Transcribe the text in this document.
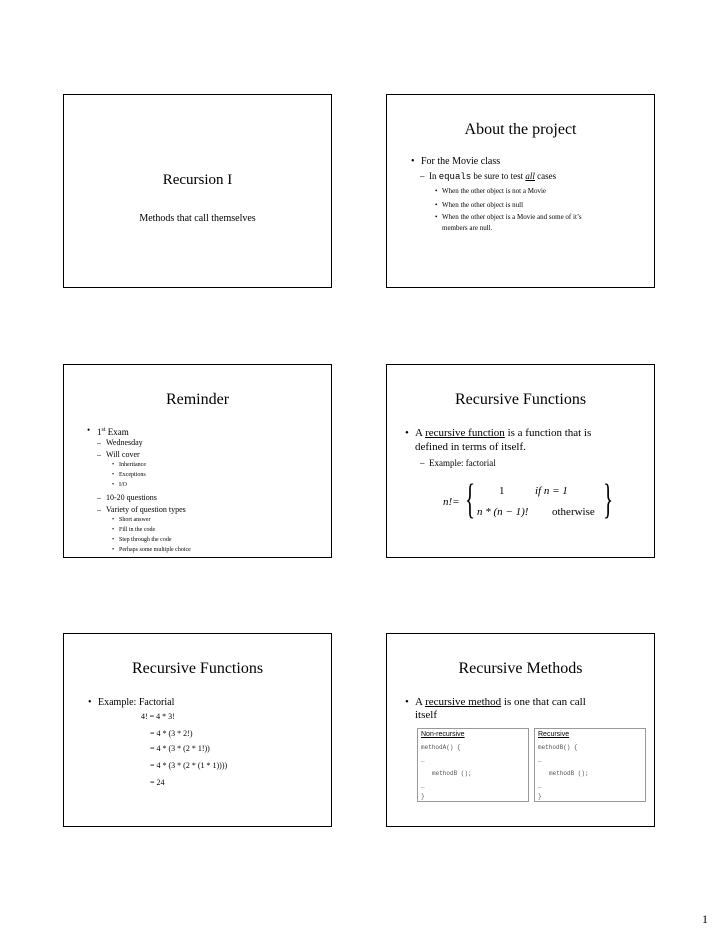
Recursion I
Methods that call themselves
About the project
• For the Movie class
– In equals be sure to test all cases
• When the other object is not a Movie
• When the other object is null
• When the other object is a Movie and some of it’s
members are null.
Reminder
• 1st Exam
– Wednesday
– Will cover
• Inheritance
• Exceptions
• I/O
– 10-20 questions
– Variety of question types
• Short answer
• Fill in the code
• Step through the code
• Perhaps some multiple choice
Recursive Functions
• A recursive function is a function that is
defined in terms of itself.
– Example: factorial
n!= { 1	if n = 1
n * (n − 1)! otherwise }
Recursive Functions
• Example: Factorial
4! = 4 * 3!
= 4 * (3 * 2!)
= 4 * (3 * (2 * 1!))
= 4 * (3 * (2 * (1 * 1))))
= 24
Recursive Methods
• A recursive method is one that can call
itself
Non-recursive
methodA() {
…
methodB ();
…
}
Recursive
methodB() {
…
methodB ();
…
}
1
